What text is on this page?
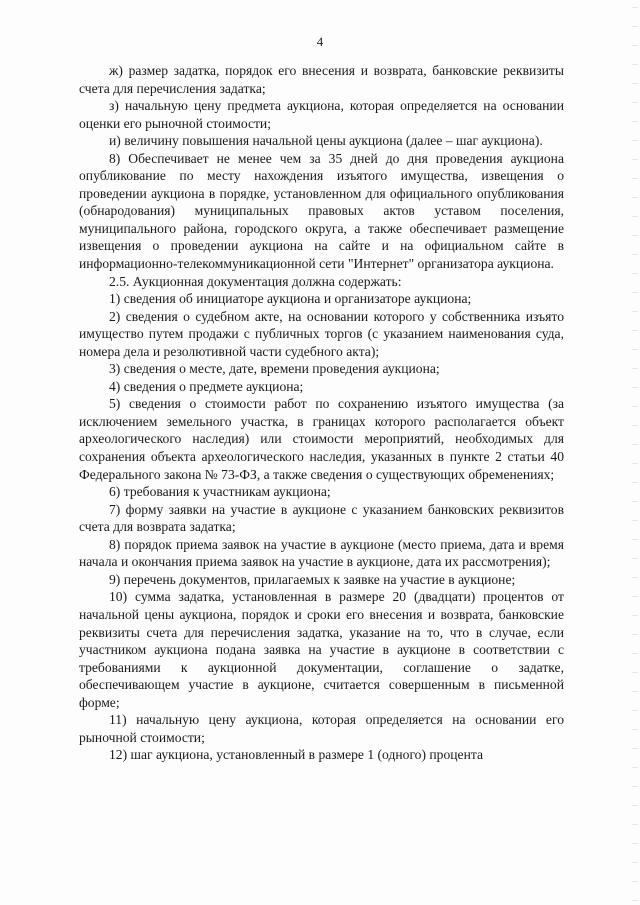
4

ж) размер задатка, порядок его внесения и возврата, банковские реквизиты счета для перечисления задатка;

з) начальную цену предмета аукциона, которая определяется на основании оценки его рыночной стоимости;

и) величину повышения начальной цены аукциона (далее – шаг аукциона).

8) Обеспечивает не менее чем за 35 дней до дня проведения аукциона опубликование по месту нахождения изъятого имущества, извещения о проведении аукциона в порядке, установленном для официального опубликования (обнародования) муниципальных правовых актов уставом поселения, муниципального района, городского округа, а также обеспечивает размещение извещения о проведении аукциона на сайте и на официальном сайте в информационно-телекоммуникационной сети "Интернет" организатора аукциона.

2.5. Аукционная документация должна содержать:

1) сведения об инициаторе аукциона и организаторе аукциона;

2) сведения о судебном акте, на основании которого у собственника изъято имущество путем продажи с публичных торгов (с указанием наименования суда, номера дела и резолютивной части судебного акта);

3) сведения о месте, дате, времени проведения аукциона;

4) сведения о предмете аукциона;

5) сведения о стоимости работ по сохранению изъятого имущества (за исключением земельного участка, в границах которого располагается объект археологического наследия) или стоимости мероприятий, необходимых для сохранения объекта археологического наследия, указанных в пункте 2 статьи 40 Федерального закона № 73-ФЗ, а также сведения о существующих обременениях;

6) требования к участникам аукциона;

7) форму заявки на участие в аукционе с указанием банковских реквизитов счета для возврата задатка;

8) порядок приема заявок на участие в аукционе (место приема, дата и время начала и окончания приема заявок на участие в аукционе, дата их рассмотрения);

9) перечень документов, прилагаемых к заявке на участие в аукционе;

10) сумма задатка, установленная в размере 20 (двадцати) процентов от начальной цены аукциона, порядок и сроки его внесения и возврата, банковские реквизиты счета для перечисления задатка, указание на то, что в случае, если участником аукциона подана заявка на участие в аукционе в соответствии с требованиями к аукционной документации, соглашение о задатке, обеспечивающем участие в аукционе, считается совершенным в письменной форме;

11) начальную цену аукциона, которая определяется на основании его рыночной стоимости;

12) шаг аукциона, установленный в размере 1 (одного) процента
